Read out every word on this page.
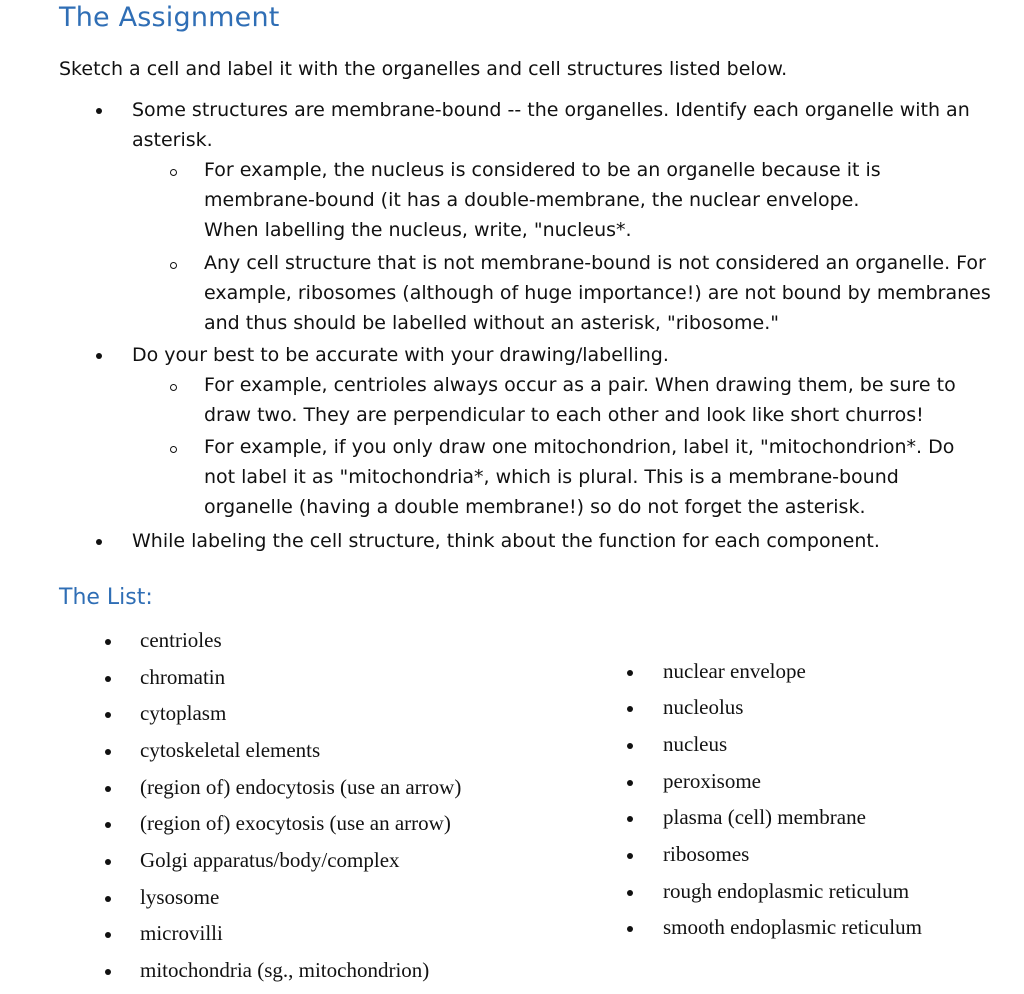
The Assignment

Sketch a cell and label it with the organelles and cell structures listed below.

Some structures are membrane-bound -- the organelles. Identify each organelle with an asterisk.
For example, the nucleus is considered to be an organelle because it is membrane-bound (it has a double-membrane, the nuclear envelope. When labelling the nucleus, write, "nucleus*.
Any cell structure that is not membrane-bound is not considered an organelle. For example, ribosomes (although of huge importance!) are not bound by membranes and thus should be labelled without an asterisk, "ribosome."
Do your best to be accurate with your drawing/labelling.
For example, centrioles always occur as a pair. When drawing them, be sure to draw two. They are perpendicular to each other and look like short churros!
For example, if you only draw one mitochondrion, label it, "mitochondrion*. Do not label it as "mitochondria*, which is plural. This is a membrane-bound organelle (having a double membrane!) so do not forget the asterisk.
While labeling the cell structure, think about the function for each component.
The List:
centrioles
chromatin
cytoplasm
cytoskeletal elements
(region of) endocytosis (use an arrow)
(region of) exocytosis (use an arrow)
Golgi apparatus/body/complex
lysosome
microvilli
mitochondria (sg., mitochondrion)
nuclear envelope
nucleolus
nucleus
peroxisome
plasma (cell) membrane
ribosomes
rough endoplasmic reticulum
smooth endoplasmic reticulum
